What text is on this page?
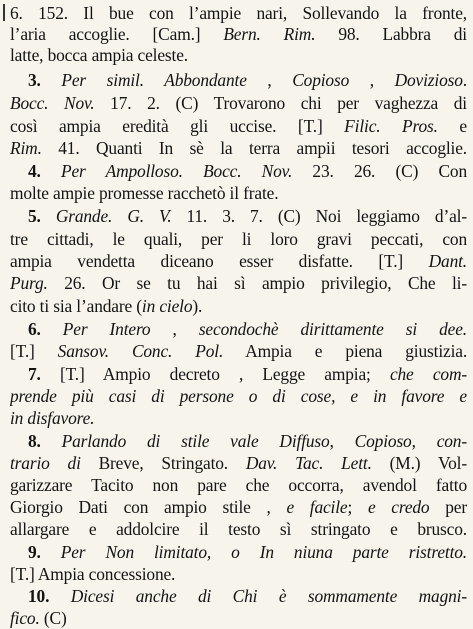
6. 152. Il bue con l’ampie nari, Sollevando la fronte,
l’aria accoglie. [Cam.] Bern. Rim. 98. Labbra di
latte, bocca ampia celeste.
3. Per simil. Abbondante , Copioso , Dovizioso.
Bocc. Nov. 17. 2. (C) Trovarono chi per vaghezza di
così ampia eredità gli uccise. [T.] Filic. Pros. e
Rim. 41. Quanti In sè la terra ampii tesori accoglie.
4. Per Ampolloso. Bocc. Nov. 23. 26. (C) Con
molte ampie promesse racchetò il frate.
5. Grande. G. V. 11. 3. 7. (C) Noi leggiamo d’al-
tre cittadi, le quali, per li loro gravi peccati, con
ampia vendetta diceano esser disfatte. [T.] Dant.
Purg. 26. Or se tu hai sì ampio privilegio, Che li-
cito ti sia l’andare (in cielo).
6. Per Intero , secondochè dirittamente si dee.
[T.] Sansov. Conc. Pol. Ampia e piena giustizia.
7. [T.] Ampio decreto , Legge ampia; che com-
prende più casi di persone o di cose, e in favore e
in disfavore.
8. Parlando di stile vale Diffuso, Copioso, con-
trario di Breve, Stringato. Dav. Tac. Lett. (M.) Vol-
garizzare Tacito non pare che occorra, avendol fatto
Giorgio Dati con ampio stile , e facile; e credo per
allargare e addolcire il testo sì stringato e brusco.
9. Per Non limitato, o In niuna parte ristretto.
[T.] Ampia concessione.
10. Dicesi anche di Chi è sommamente magni-
fico. (C)
